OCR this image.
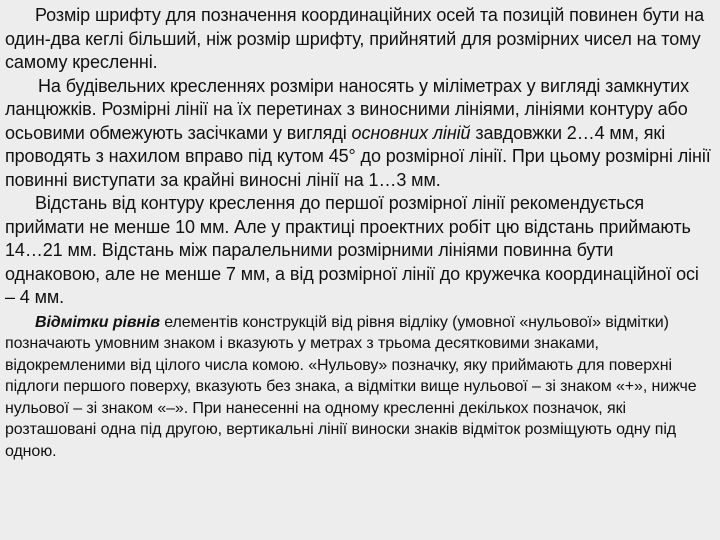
Розмір шрифту для позначення координаційних осей та позицій повинен бути на один-два кеглі більший, ніж розмір шрифту, прийнятий для розмірних чисел на тому самому кресленні.

На будівельних кресленнях розміри наносять у міліметрах у вигляді замкнутих ланцюжків. Розмірні лінії на їх перетинах з виносними лініями, лініями контуру або осьовими обмежують засічками у вигляді основних ліній завдовжки 2…4 мм, які проводять з нахилом вправо під кутом 45° до розмірної лінії. При цьому розмірні лінії повинні виступати за крайні виносні лінії на 1…3 мм.

Відстань від контуру креслення до першої розмірної лінії рекомендується приймати не менше 10 мм. Але у практиці проектних робіт цю відстань приймають 14…21 мм. Відстань між паралельними розмірними лініями повинна бути однаковою, але не менше 7 мм, а від розмірної лінії до кружечка координаційної осі – 4 мм.

Відмітки рівнів елементів конструкцій від рівня відліку (умовної «нульової» відмітки) позначають умовним знаком і вказують у метрах з трьома десятковими знаками, відокремленими від цілого числа комою. «Нульову» позначку, яку приймають для поверхні підлоги першого поверху, вказують без знака, а відмітки вище нульової – зі знаком «+», нижче нульової – зі знаком «–». При нанесенні на одному кресленні декількох позначок, які розташовані одна під другою, вертикальні лінії виноски знаків відміток розміщують одну під одною.
